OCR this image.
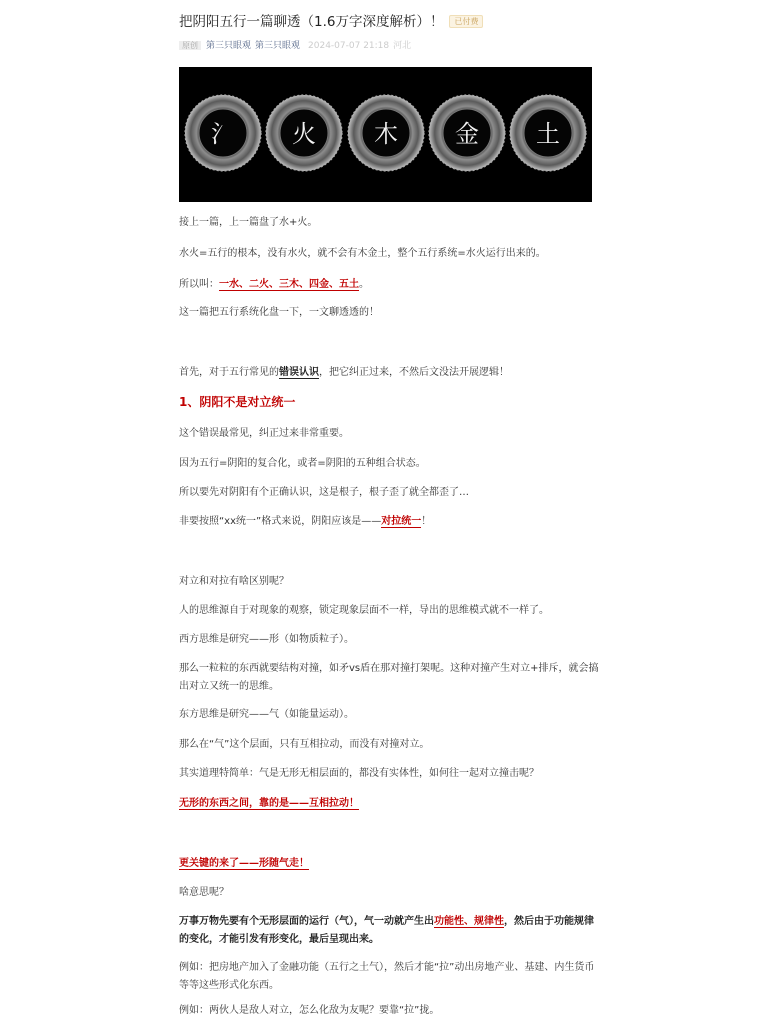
把阴阳五行一篇聊透（1.6万字深度解析）！ 已付费
原创 第三只眼观 第三只眼观 2024-07-07 21:18 河北
氵 火 木 金 土
接上一篇，上一篇盘了水+火。
水火=五行的根本，没有水火，就不会有木金土，整个五行系统=水火运行出来的。
所以叫：一水、二火、三木、四金、五土。
这一篇把五行系统化盘一下，一文聊透透的！
首先，对于五行常见的错误认识，把它纠正过来，不然后文没法开展逻辑！
1、阴阳不是对立统一
这个错误最常见，纠正过来非常重要。
因为五行=阴阳的复合化，或者=阴阳的五种组合状态。
所以要先对阴阳有个正确认识，这是根子，根子歪了就全都歪了…
非要按照“xx统一”格式来说，阴阳应该是——对拉统一！
对立和对拉有啥区别呢？
人的思维源自于对现象的观察，锁定现象层面不一样，导出的思维模式就不一样了。
西方思维是研究——形（如物质粒子）。
那么一粒粒的东西就要结构对撞，如矛vs盾在那对撞打架呢。这种对撞产生对立+排斥，就会搞出对立又统一的思维。
东方思维是研究——气（如能量运动）。
那么在“气”这个层面，只有互相拉动，而没有对撞对立。
其实道理特简单：气是无形无相层面的，都没有实体性，如何往一起对立撞击呢？
无形的东西之间，靠的是——互相拉动！
更关键的来了——形随气走！
啥意思呢？
万事万物先要有个无形层面的运行（气），气一动就产生出功能性、规律性，然后由于功能规律的变化，才能引发有形变化，最后呈现出来。
例如：把房地产加入了金融功能（五行之土气），然后才能“拉”动出房地产业、基建、内生货币等等这些形式化东西。
例如：两伙人是敌人对立，怎么化敌为友呢？要靠“拉”拢。
